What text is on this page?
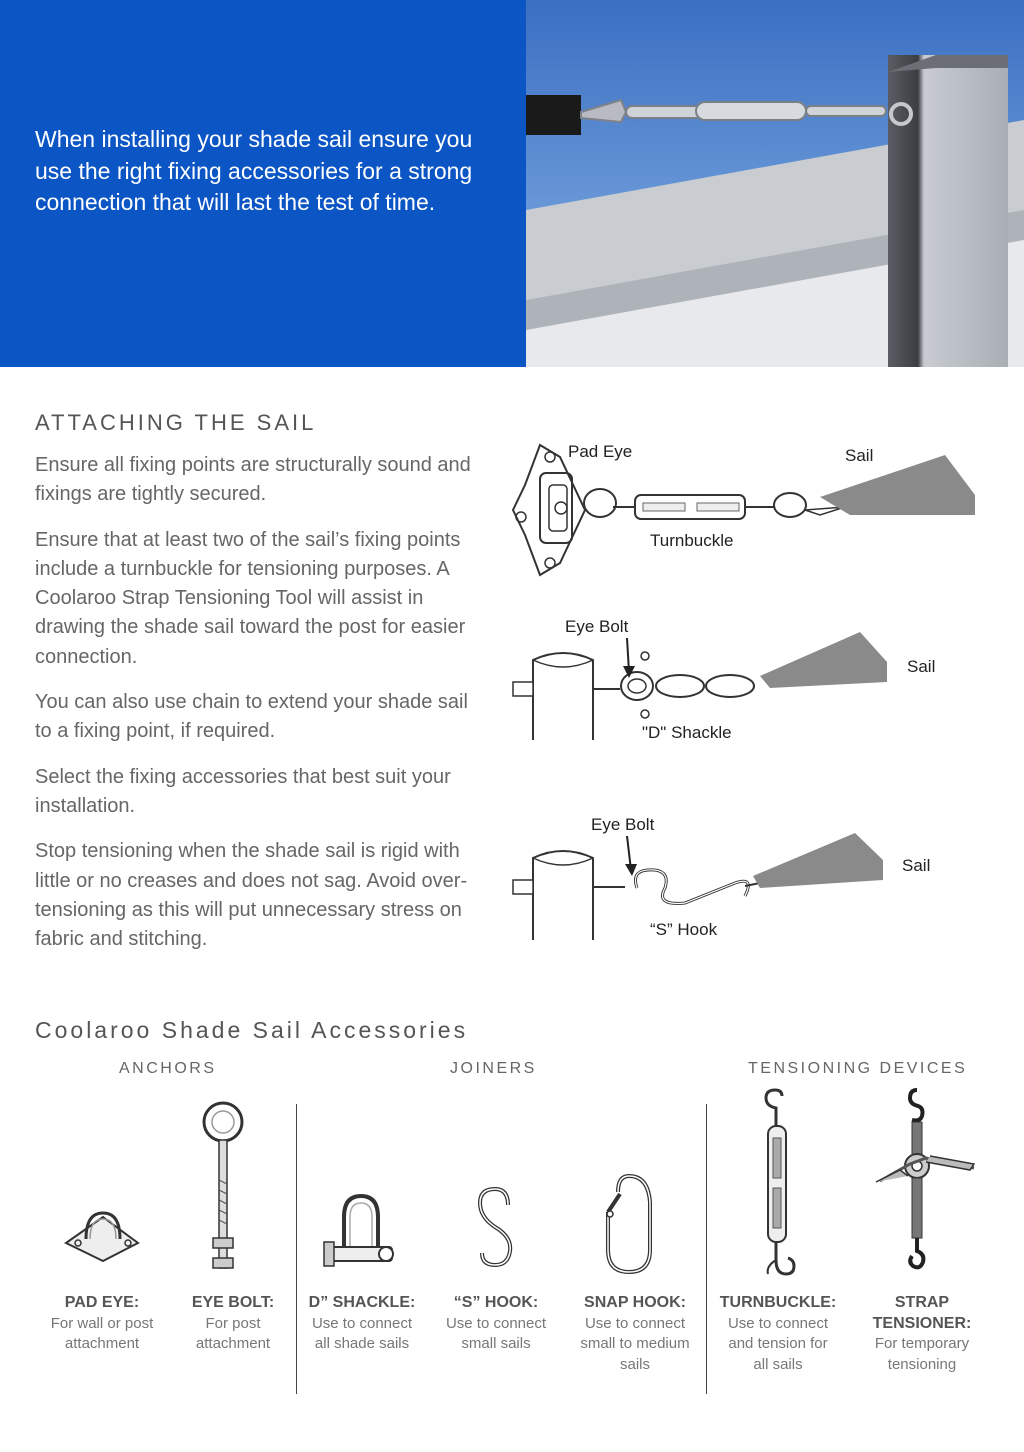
When installing your shade sail ensure you use the right fixing accessories for a strong connection that will last the test of time.
ATTACHING THE SAIL

Ensure all fixing points are structurally sound and fixings are tightly secured.

Ensure that at least two of the sail’s fixing points include a turnbuckle for tensioning purposes. A Coolaroo Strap Tensioning Tool will assist in drawing the shade sail toward the post for easier connection.

You can also use chain to extend your shade sail to a fixing point, if required.

Select the fixing accessories that best suit your installation.

Stop tensioning when the shade sail is rigid with little or no creases and does not sag. Avoid over-tensioning as this will put unnecessary stress on fabric and stitching.

Pad Eye	Sail
Turnbuckle
Eye Bolt
Sail
"D" Shackle
Eye Bolt
Sail
“S” Hook
Coolaroo Shade Sail Accessories
ANCHORS	JOINERS	TENSIONING DEVICES
PAD EYE:
For wall or post
attachment
EYE BOLT:
For post
attachment
D” SHACKLE:
Use to connect
all shade sails
“S” HOOK:
Use to connect
small sails
SNAP HOOK:
Use to connect
small to medium
sails
TURNBUCKLE:
Use to connect
and tension for
all sails
STRAP
TENSIONER:
For temporary
tensioning
